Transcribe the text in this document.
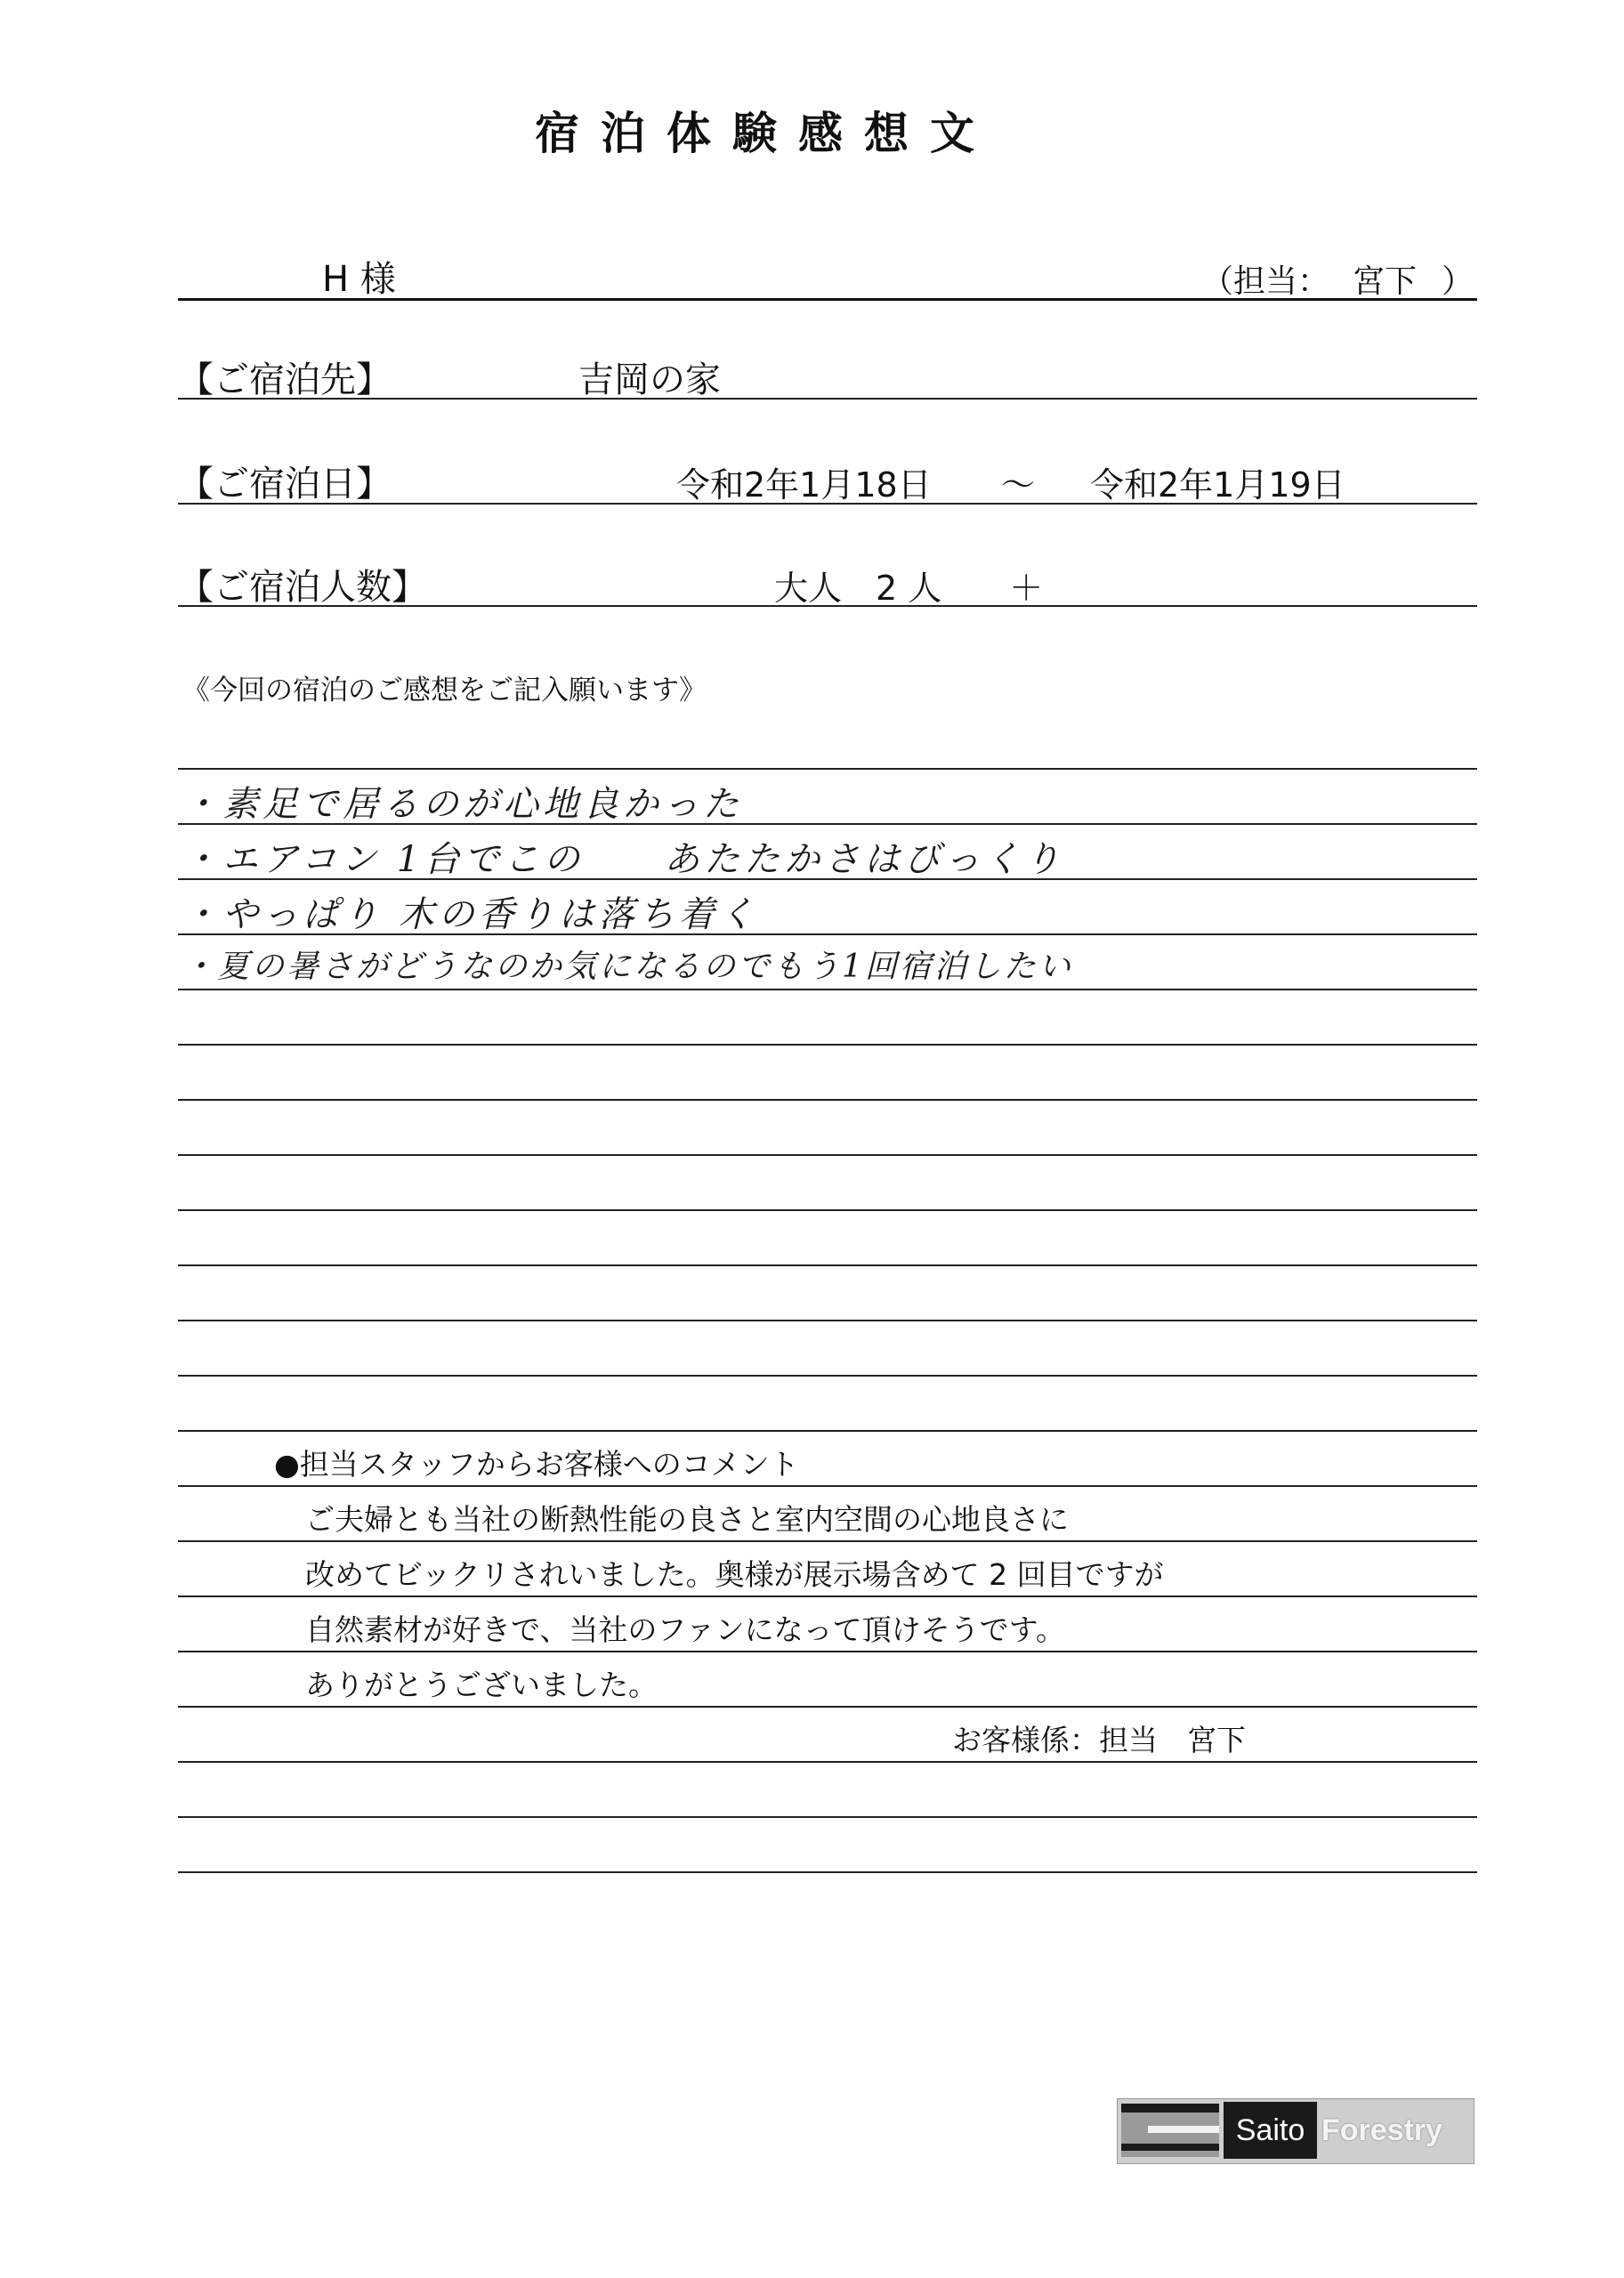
宿泊体験感想文
H 様	（担当： 宮下 ）
【ご宿泊先】	吉岡の家
【ご宿泊日】	令和2年1月18日 ～ 令和2年1月19日
【ご宿泊人数】	大人　2 人　　＋
《今回の宿泊のご感想をご記入願います》
・素足で居るのが心地良かった
・エアコン 1台でこの　　あたたかさはびっくり
・やっぱり 木の香りは落ち着く
・夏の暑さがどうなのか気になるのでもう1回宿泊したい
●担当スタッフからお客様へのコメント
ご夫婦とも当社の断熱性能の良さと室内空間の心地良さに
改めてビックリされいました。奥様が展示場含めて 2 回目ですが
自然素材が好きで、当社のファンになって頂けそうです。
ありがとうございました。
お客様係：担当　宮下
Saito Forestry
